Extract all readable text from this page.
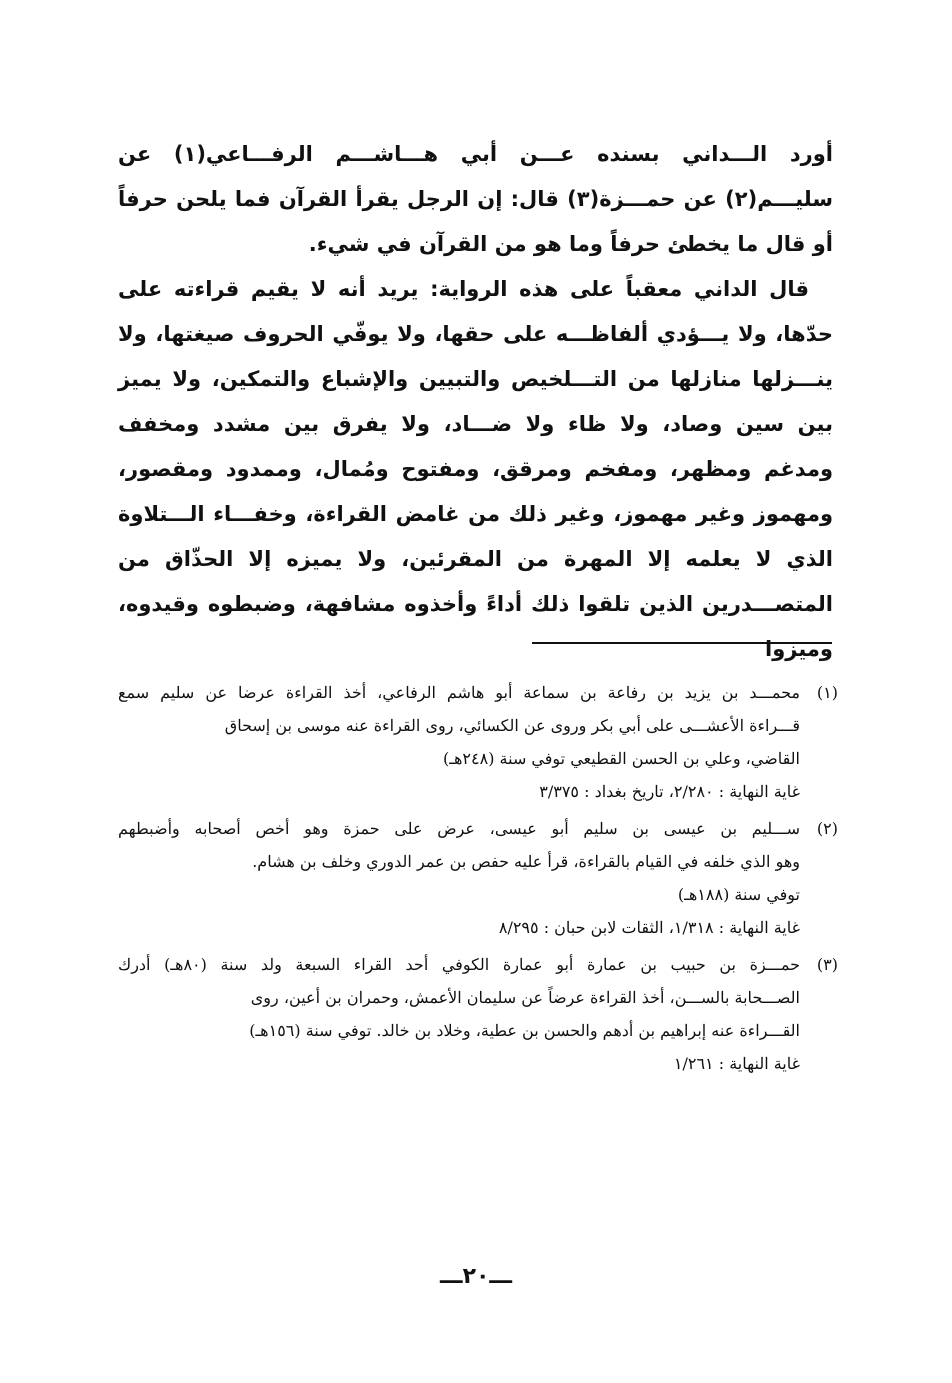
أورد الـــداني بسنده عـــن أبي هـــاشـــم الرفـــاعي(١) عن سليـــم(٢) عن حمـــزة(٣) قال: إن الرجل يقرأ القرآن فما يلحن حرفاً أو قال ما يخطئ حرفاً وما هو من القرآن في شيء.

قال الداني معقباً على هذه الرواية: يريد أنه لا يقيم قراءته على حدّها، ولا يـــؤدي ألفاظـــه على حقها، ولا يوفّي الحروف صيغتها، ولا ينـــزلها منازلها من التـــلخيص والتبيين والإشباع والتمكين، ولا يميز بين سين وصاد، ولا ظاء ولا ضـــاد، ولا يفرق بين مشدد ومخفف ومدغم ومظهر، ومفخم ومرقق، ومفتوح ومُمال، وممدود ومقصور، ومهموز وغير مهموز، وغير ذلك من غامض القراءة، وخفـــاء الـــتلاوة الذي لا يعلمه إلا المهرة من المقرئين، ولا يميزه إلا الحذّاق من المتصـــدرين الذين تلقوا ذلك أداءً وأخذوه مشافهة، وضبطوه وقيدوه، وميزوا

(١)محمـــد بن يزيد بن رفاعة بن سماعة أبو هاشم الرفاعي، أخذ القراءة عرضا عن سليم سمع
قـــراءة الأعشـــى على أبي بكر وروى عن الكسائي، روى القراءة عنه موسى بن إسحاق
القاضي، وعلي بن الحسن القطيعي توفي سنة (٢٤٨هـ)
غاية النهاية : ٢/٢٨٠، تاريخ بغداد : ٣/٣٧٥
(٢)ســـليم بن عيسى بن سليم أبو عيسى، عرض على حمزة وهو أخص أصحابه وأضبطهم
وهو الذي خلفه في القيام بالقراءة، قرأ عليه حفص بن عمر الدوري وخلف بن هشام.
توفي سنة (١٨٨هـ)
غاية النهاية : ١/٣١٨، الثقات لابن حبان : ٨/٢٩٥
(٣)حمـــزة بن حبيب بن عمارة أبو عمارة الكوفي أحد القراء السبعة ولد سنة (٨٠هـ) أدرك
الصـــحابة بالســـن، أخذ القراءة عرضاً عن سليمان الأعمش، وحمران بن أعين، روى
القـــراءة عنه إبراهيم بن أدهم والحسن بن عطية، وخلاد بن خالد. توفي سنة (١٥٦هـ)
غاية النهاية : ١/٢٦١
ـــ٢٠ـــ
